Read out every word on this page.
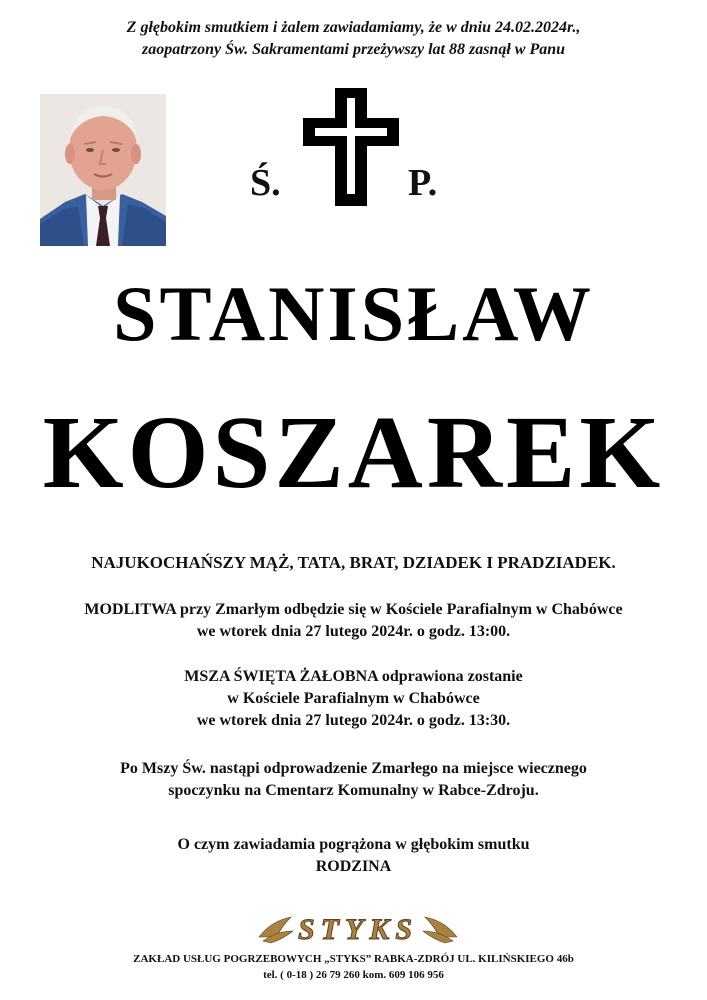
Z głębokim smutkiem i żalem zawiadamiamy, że w dniu 24.02.2024r.,
zaopatrzony Św. Sakramentami przeżywszy lat 88 zasnął w Panu
Ś.	P.
STANISŁAW
KOSZAREK
NAJUKOCHAŃSZY MĄŻ, TATA, BRAT, DZIADEK I PRADZIADEK.
MODLITWA przy Zmarłym odbędzie się w Kościele Parafialnym w Chabówce
we wtorek dnia 27 lutego 2024r. o godz. 13:00.
MSZA ŚWIĘTA ŻAŁOBNA odprawiona zostanie
w Kościele Parafialnym w Chabówce
we wtorek dnia 27 lutego 2024r. o godz. 13:30.
Po Mszy Św. nastąpi odprowadzenie Zmarłego na miejsce wiecznego
spoczynku na Cmentarz Komunalny w Rabce-Zdroju.
O czym zawiadamia pogrążona w głębokim smutku
RODZINA
STYKS
ZAKŁAD USŁUG POGRZEBOWYCH „STYKS” RABKA-ZDRÓJ UL. KILIŃSKIEGO 46b
tel. ( 0-18 ) 26 79 260 kom. 609 106 956
